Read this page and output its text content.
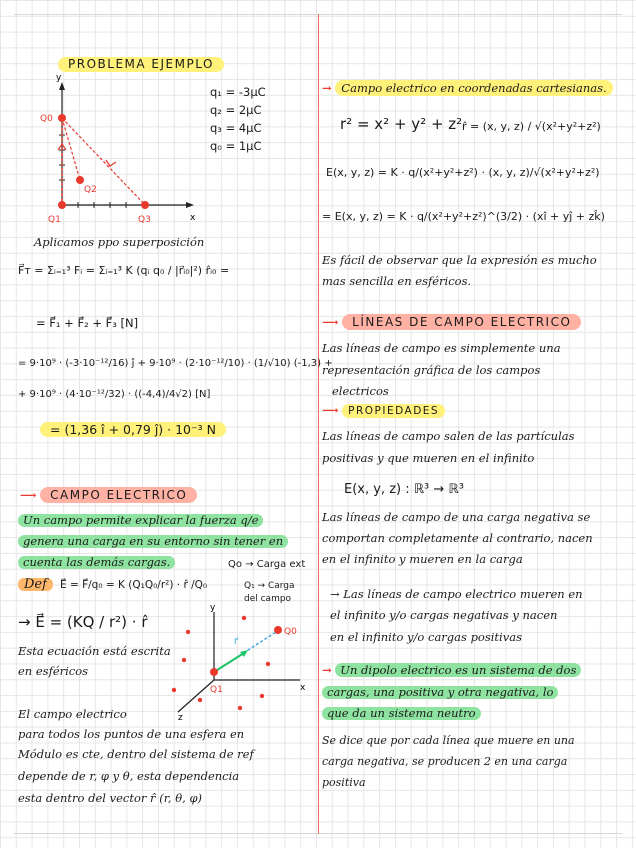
PROBLEMA EJEMPLO
q₁ = -3μC
q₂ = 2μC
q₃ = 4μC
q₀ = 1μC
x
y
Q0
Q2
Q1	Q3
Aplicamos ppo superposición
F⃗ᴛ = Σᵢ₌₁³ Fᵢ = Σᵢ₌₁³ K (qᵢ q₀ / |r⃗ᵢ₀|²) r̂ᵢ₀ =
= F⃗₁ + F⃗₂ + F⃗₃ [N]
= 9·10⁹ · (-3·10⁻¹²/16) ĵ + 9·10⁹ · (2·10⁻¹²/10) · (1/√10) (-1,3) +
+ 9·10⁹ · (4·10⁻¹²/32) · ((-4,4)/4√2) [N]
= (1,36 î + 0,79 ĵ) · 10⁻³ N
⟶ CAMPO ELECTRICO
Un campo permite explicar la fuerza q/e
genera una carga en su entorno sin tener en
cuenta las demás cargas.	Qo → Carga ext
Def	E⃗ = F⃗/q₀ = K (Q₁Q₀/r²) · r̂ /Q₀	Q₁ → Carga del campo
→ E⃗ = (KQ / r²) · r̂
Esta ecuación está escrita
en esféricos
y
x
z
Q0
Q1
r⃗
El campo electrico
para todos los puntos de una esfera en
Módulo es cte, dentro del sistema de ref
depende de r, φ y θ, esta dependencia
esta dentro del vector r̂ (r, θ, φ)
→ Campo electrico en coordenadas cartesianas.
r² = x² + y² + z² r̂ = (x, y, z) / √(x²+y²+z²)
E(x, y, z) = K · q/(x²+y²+z²) · (x, y, z)/√(x²+y²+z²)
= E(x, y, z) = K · q/(x²+y²+z²)^(3/2) · (xî + yĵ + zk̂)
Es fácil de observar que la expresión es mucho
mas sencilla en esféricos.
⟶ LÍNEAS DE CAMPO ELECTRICO
Las líneas de campo es simplemente una
representación gráfica de los campos
electricos
⟶ PROPIEDADES
Las líneas de campo salen de las partículas
positivas y que mueren en el infinito
E(x, y, z) : ℝ³ → ℝ³
Las líneas de campo de una carga negativa se
comportan completamente al contrario, nacen
en el infinito y mueren en la carga
→ Las líneas de campo electrico mueren en
el infinito y/o cargas negativas y nacen
en el infinito y/o cargas positivas
→ Un dipolo electrico es un sistema de dos
cargas, una positiva y otra negativa, lo
que da un sistema neutro
Se dice que por cada línea que muere en una
carga negativa, se producen 2 en una carga
positiva
